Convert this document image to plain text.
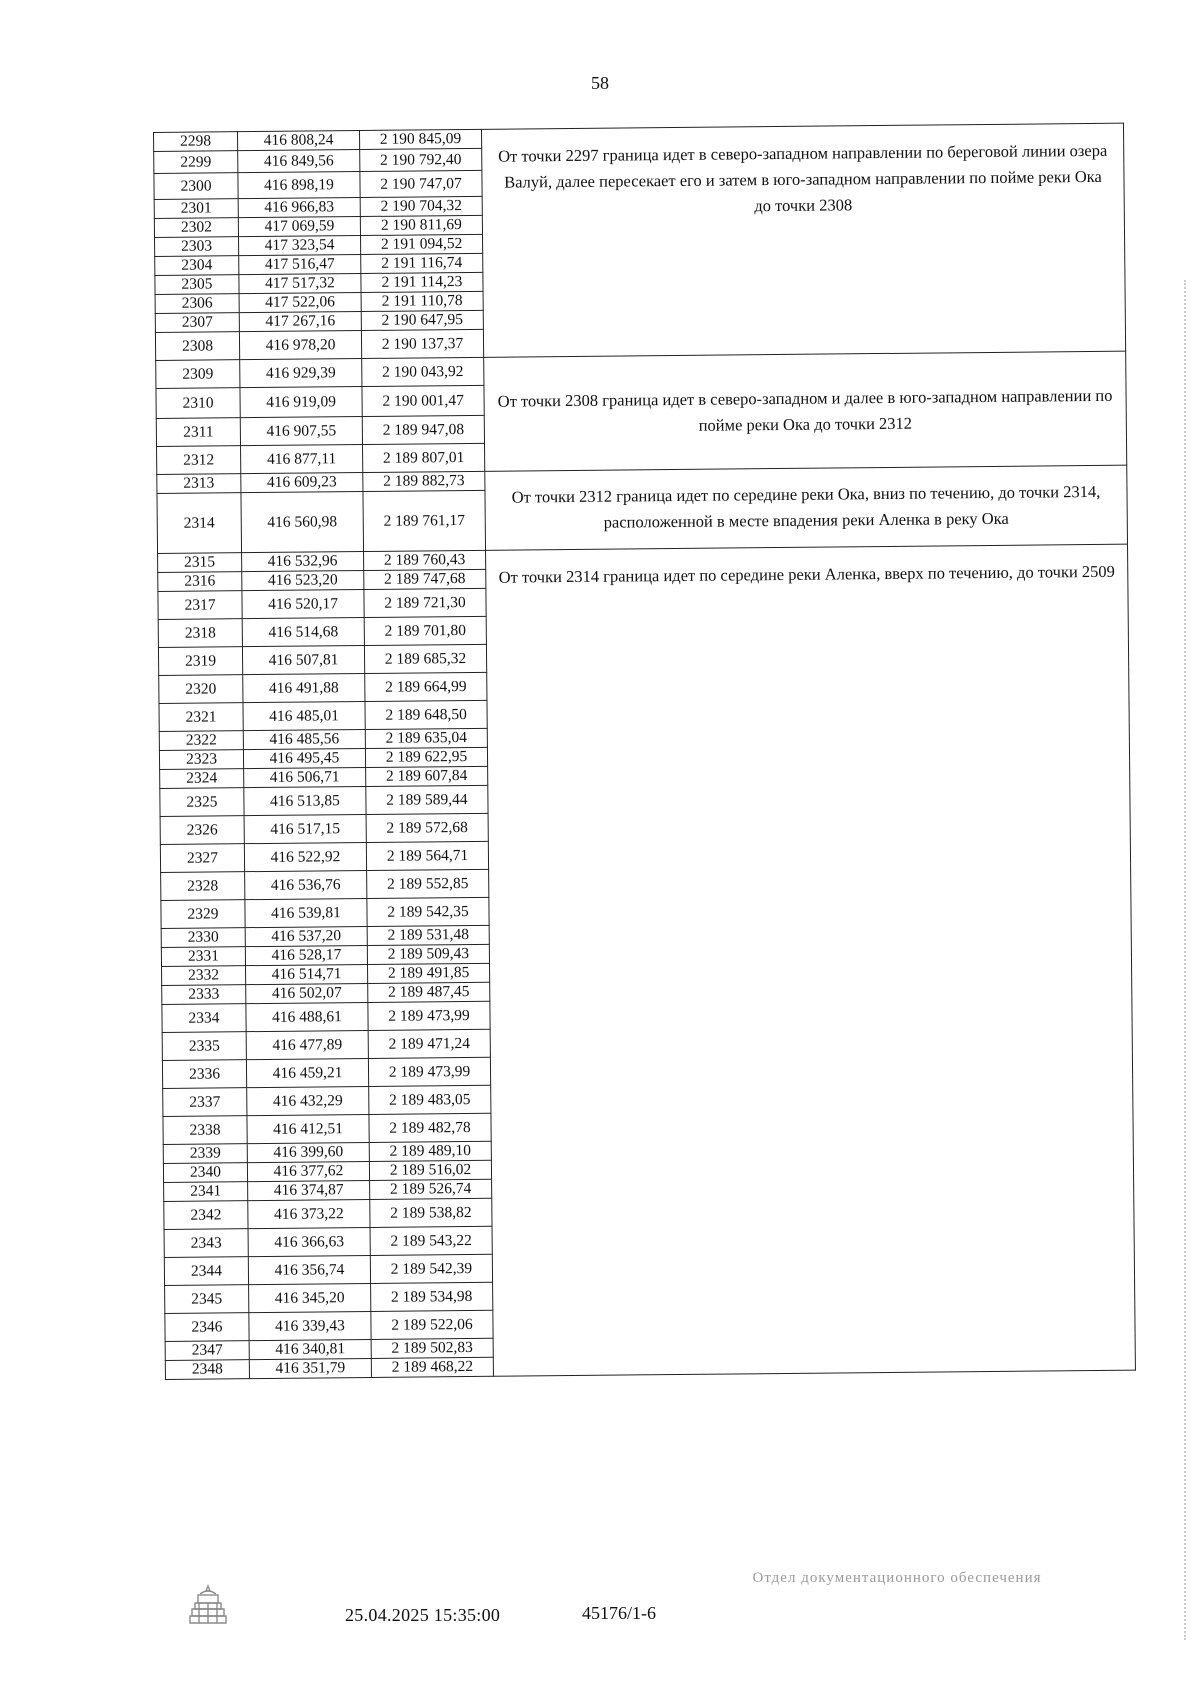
58
2298	416 808,24	2 190 845,09	От точки 2297 граница идет в северо-западном направлении по береговой линии озера Валуй, далее пересекает его и затем в юго-западном направлении по пойме реки Ока до точки 2308
2299	416 849,56	2 190 792,40	
2300	416 898,19	2 190 747,07	
2301	416 966,83	2 190 704,32	
2302	417 069,59	2 190 811,69	
2303	417 323,54	2 191 094,52	
2304	417 516,47	2 191 116,74	
2305	417 517,32	2 191 114,23	
2306	417 522,06	2 191 110,78	
2307	417 267,16	2 190 647,95	
2308	416 978,20	2 190 137,37	
2309	416 929,39	2 190 043,92	От точки 2308 граница идет в северо-западном и далее в юго-западном направлении по пойме реки Ока до точки 2312
2310	416 919,09	2 190 001,47	
2311	416 907,55	2 189 947,08	
2312	416 877,11	2 189 807,01	
2313	416 609,23	2 189 882,73	От точки 2312 граница идет по середине реки Ока, вниз по течению, до точки 2314, расположенной в месте впадения реки Аленка в реку Ока
2314	416 560,98	2 189 761,17	
2315	416 532,96	2 189 760,43	От точки 2314 граница идет по середине реки Аленка, вверх по течению, до точки 2509
2316	416 523,20	2 189 747,68	
2317	416 520,17	2 189 721,30	
2318	416 514,68	2 189 701,80	
2319	416 507,81	2 189 685,32	
2320	416 491,88	2 189 664,99	
2321	416 485,01	2 189 648,50	
2322	416 485,56	2 189 635,04	
2323	416 495,45	2 189 622,95	
2324	416 506,71	2 189 607,84	
2325	416 513,85	2 189 589,44	
2326	416 517,15	2 189 572,68	
2327	416 522,92	2 189 564,71	
2328	416 536,76	2 189 552,85	
2329	416 539,81	2 189 542,35	
2330	416 537,20	2 189 531,48	
2331	416 528,17	2 189 509,43	
2332	416 514,71	2 189 491,85	
2333	416 502,07	2 189 487,45	
2334	416 488,61	2 189 473,99	
2335	416 477,89	2 189 471,24	
2336	416 459,21	2 189 473,99	
2337	416 432,29	2 189 483,05	
2338	416 412,51	2 189 482,78	
2339	416 399,60	2 189 489,10	
2340	416 377,62	2 189 516,02	
2341	416 374,87	2 189 526,74	
2342	416 373,22	2 189 538,82	
2343	416 366,63	2 189 543,22	
2344	416 356,74	2 189 542,39	
2345	416 345,20	2 189 534,98	
2346	416 339,43	2 189 522,06	
2347	416 340,81	2 189 502,83	
2348	416 351,79	2 189 468,22	
25.04.2025 15:35:00	45176/1-6
Отдел документационного обеспечения
